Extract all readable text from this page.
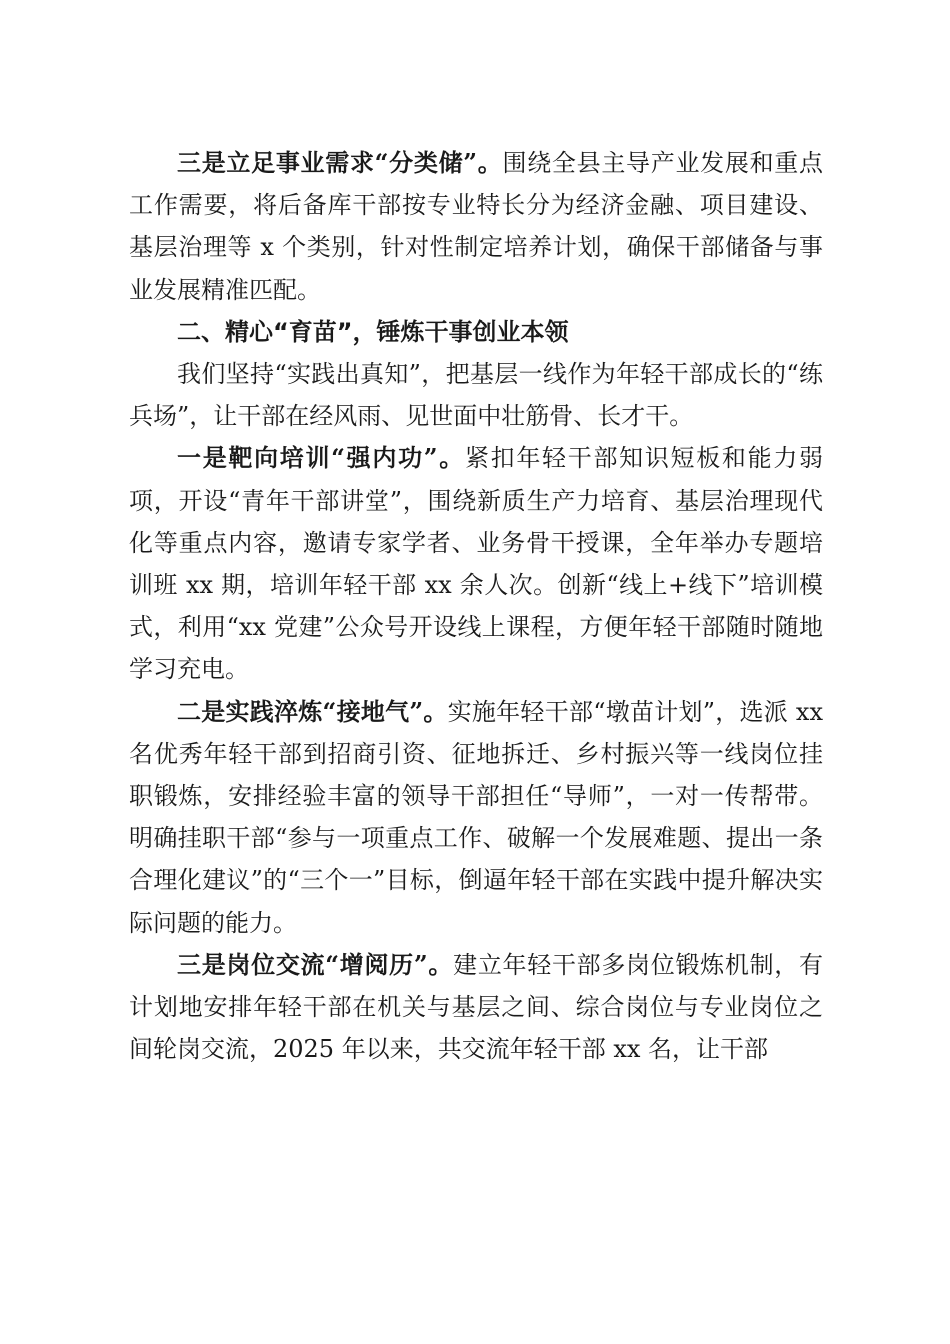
三是立足事业需求“分类储”。围绕全县主导产业发展和重点工作需要，将后备库干部按专业特长分为经济金融、项目建设、基层治理等 x 个类别，针对性制定培养计划，确保干部储备与事业发展精准匹配。

二、精心“育苗”，锤炼干事创业本领

我们坚持“实践出真知”，把基层一线作为年轻干部成长的“练兵场”，让干部在经风雨、见世面中壮筋骨、长才干。

一是靶向培训“强内功”。紧扣年轻干部知识短板和能力弱项，开设“青年干部讲堂”，围绕新质生产力培育、基层治理现代化等重点内容，邀请专家学者、业务骨干授课，全年举办专题培训班 xx 期，培训年轻干部 xx 余人次。创新“线上+线下”培训模式，利用“xx 党建”公众号开设线上课程，方便年轻干部随时随地学习充电。

二是实践淬炼“接地气”。实施年轻干部“墩苗计划”，选派 xx 名优秀年轻干部到招商引资、征地拆迁、乡村振兴等一线岗位挂职锻炼，安排经验丰富的领导干部担任“导师”，一对一传帮带。明确挂职干部“参与一项重点工作、破解一个发展难题、提出一条合理化建议”的“三个一”目标，倒逼年轻干部在实践中提升解决实际问题的能力。

三是岗位交流“增阅历”。建立年轻干部多岗位锻炼机制，有计划地安排年轻干部在机关与基层之间、综合岗位与专业岗位之间轮岗交流，2025 年以来，共交流年轻干部 xx 名，让干部
